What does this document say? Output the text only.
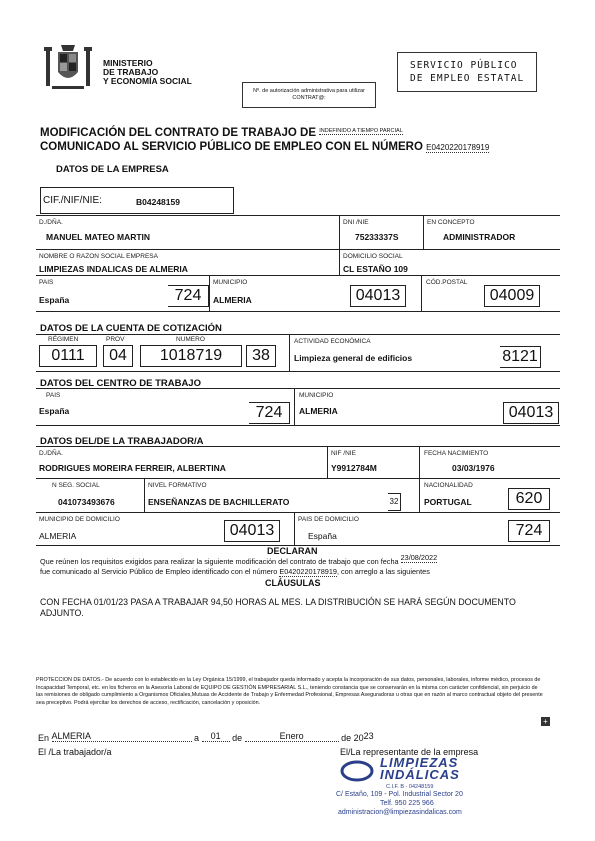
MINISTERIO
DE TRABAJO
Y ECONOMÍA SOCIAL
Nº. de autorización administrativa para utilizar
CONTRAT@:
SERVICIO PÚBLICO
DE EMPLEO ESTATAL
MODIFICACIÓN DEL CONTRATO DE TRABAJO DE $^{INDEFINIDO A TIEMPO PARCIAL}$
COMUNICADO AL SERVICIO PÚBLICO DE EMPLEO CON EL NÚMERO E0420220178919
DATOS DE LA EMPRESA
CIF./NIF/NIE:	B04248159
D./DÑA.
MANUEL MATEO MARTIN
DNI /NIE
75233337S
EN CONCEPTO
ADMINISTRADOR
NOMBRE O RAZON SOCIAL EMPRESA
LIMPIEZAS INDALICAS DE ALMERIA
DOMICILIO SOCIAL
CL ESTAÑO 109
PAIS
España	724
MUNICIPIO
ALMERIA	04013
CÓD.POSTAL
04009
DATOS DE LA CUENTA DE COTIZACIÓN
RÉGIMEN
0111
PROV
04
NUMERO
1018719	38
ACTIVIDAD ECONÓMICA
Limpieza general de edificios	8121
DATOS DEL CENTRO DE TRABAJO
PAIS
España	724
MUNICIPIO
ALMERIA	04013
DATOS DEL/DE LA TRABAJADOR/A
D./DÑA.
RODRIGUES MOREIRA FERREIR, ALBERTINA
NIF /NIE
Y9912784M
FECHA NACIMIENTO
03/03/1976
N SEG. SOCIAL
041073493676
NIVEL FORMATIVO
ENSEÑANZAS DE BACHILLERATO	32
NACIONALIDAD
PORTUGAL	620
MUNICIPIO DE DOMICILIO
ALMERIA	04013
PAIS DE DOMICILIO
España	724
DECLARAN
Que reúnen los requisitos exigidos para realizar la siguiente modificación del contrato de trabajo que con fecha 23/08/2022
fue comunicado al Servicio Público de Empleo identificado con el número E0420220178919, con arreglo a las siguientes
CLÁUSULAS
CON FECHA 01/01/23 PASA A TRABAJAR 94,50 HORAS AL MES. LA DISTRIBUCIÓN SE HARÁ SEGÚN DOCUMENTO ADJUNTO.
PROTECCION DE DATOS.- De acuerdo con lo establecido en la Ley Orgánica 15/1999, el trabajador queda informado y acepta la incorporación de sus datos, personales, laborales, informe médico, procesos de Incapacidad Temporal, etc. en los ficheros en la Asesoría Laboral de EQUIPO DE GESTIÓN EMPRESARIAL S.L., teniendo constancia que se conservarán en la misma con carácter confidencial, sin perjuicio de las remisiones de obligado cumplimiento a Organismos Oficiales,Mutuas de Accidente de Trabajo y Enfermedad Profesional, Empresas Aseguradoras u otras que en razón al marco contractual objeto del presente sea preceptivo. Podrá ejercitar los derechos de acceso, rectificación, cancelación y oposición.
+
En ALMERIA	a 01 de	Enero	de 2023
El /La trabajador/a	El/La representante de la empresa
LIMPIEZAS
INDÁLICAS
C.I.F. B - 04248159
C/ Estaño, 109 - Pol. Industrial Sector 20
Telf. 950 225 966
administracion@limpiezasindalicas.com
